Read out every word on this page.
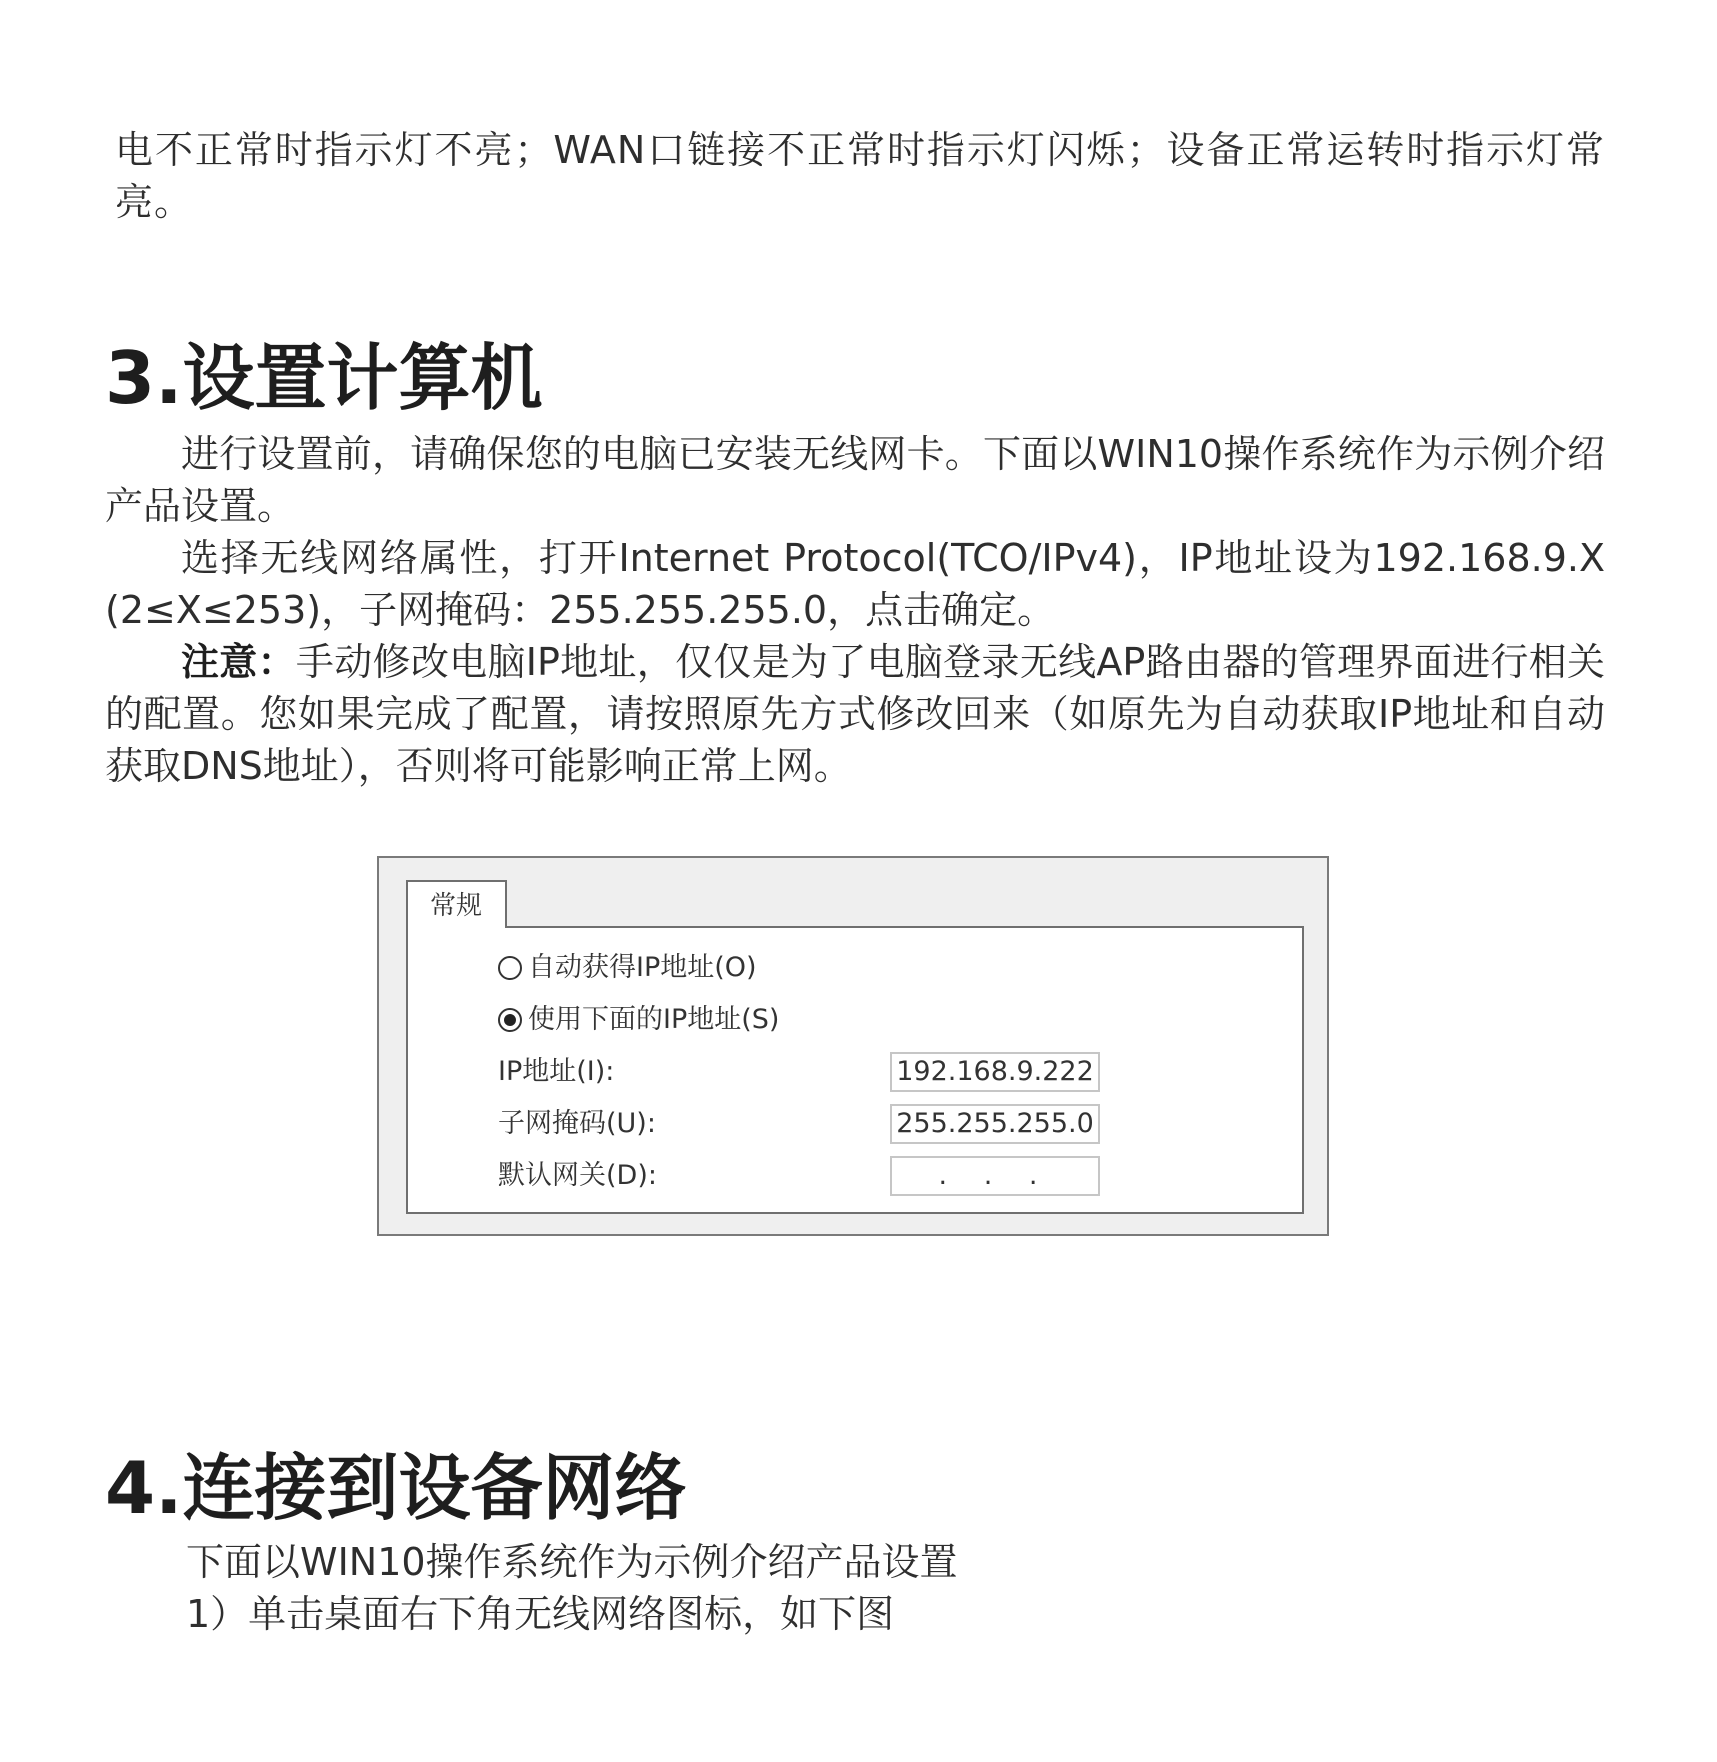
电不正常时指示灯不亮；WAN口链接不正常时指示灯闪烁；设备正常运转时指示灯常亮。

3.设置计算机

进行设置前，请确保您的电脑已安装无线网卡。下面以WIN10操作系统作为示例介绍产品设置。

选择无线网络属性，打开Internet Protocol(TCO/IPv4)，IP地址设为192.168.9.X (2≤X≤253)，子网掩码：255.255.255.0，点击确定。

注意：手动修改电脑IP地址，仅仅是为了电脑登录无线AP路由器的管理界面进行相关的配置。您如果完成了配置，请按照原先方式修改回来（如原先为自动获取IP地址和自动获取DNS地址），否则将可能影响正常上网。

常规
自动获得IP地址(O)
使用下面的IP地址(S)
IP地址(I):	192.168.9.222
子网掩码(U):	255.255.255.0
默认网关(D):	. . .
4.连接到设备网络

下面以WIN10操作系统作为示例介绍产品设置

1）单击桌面右下角无线网络图标，如下图
